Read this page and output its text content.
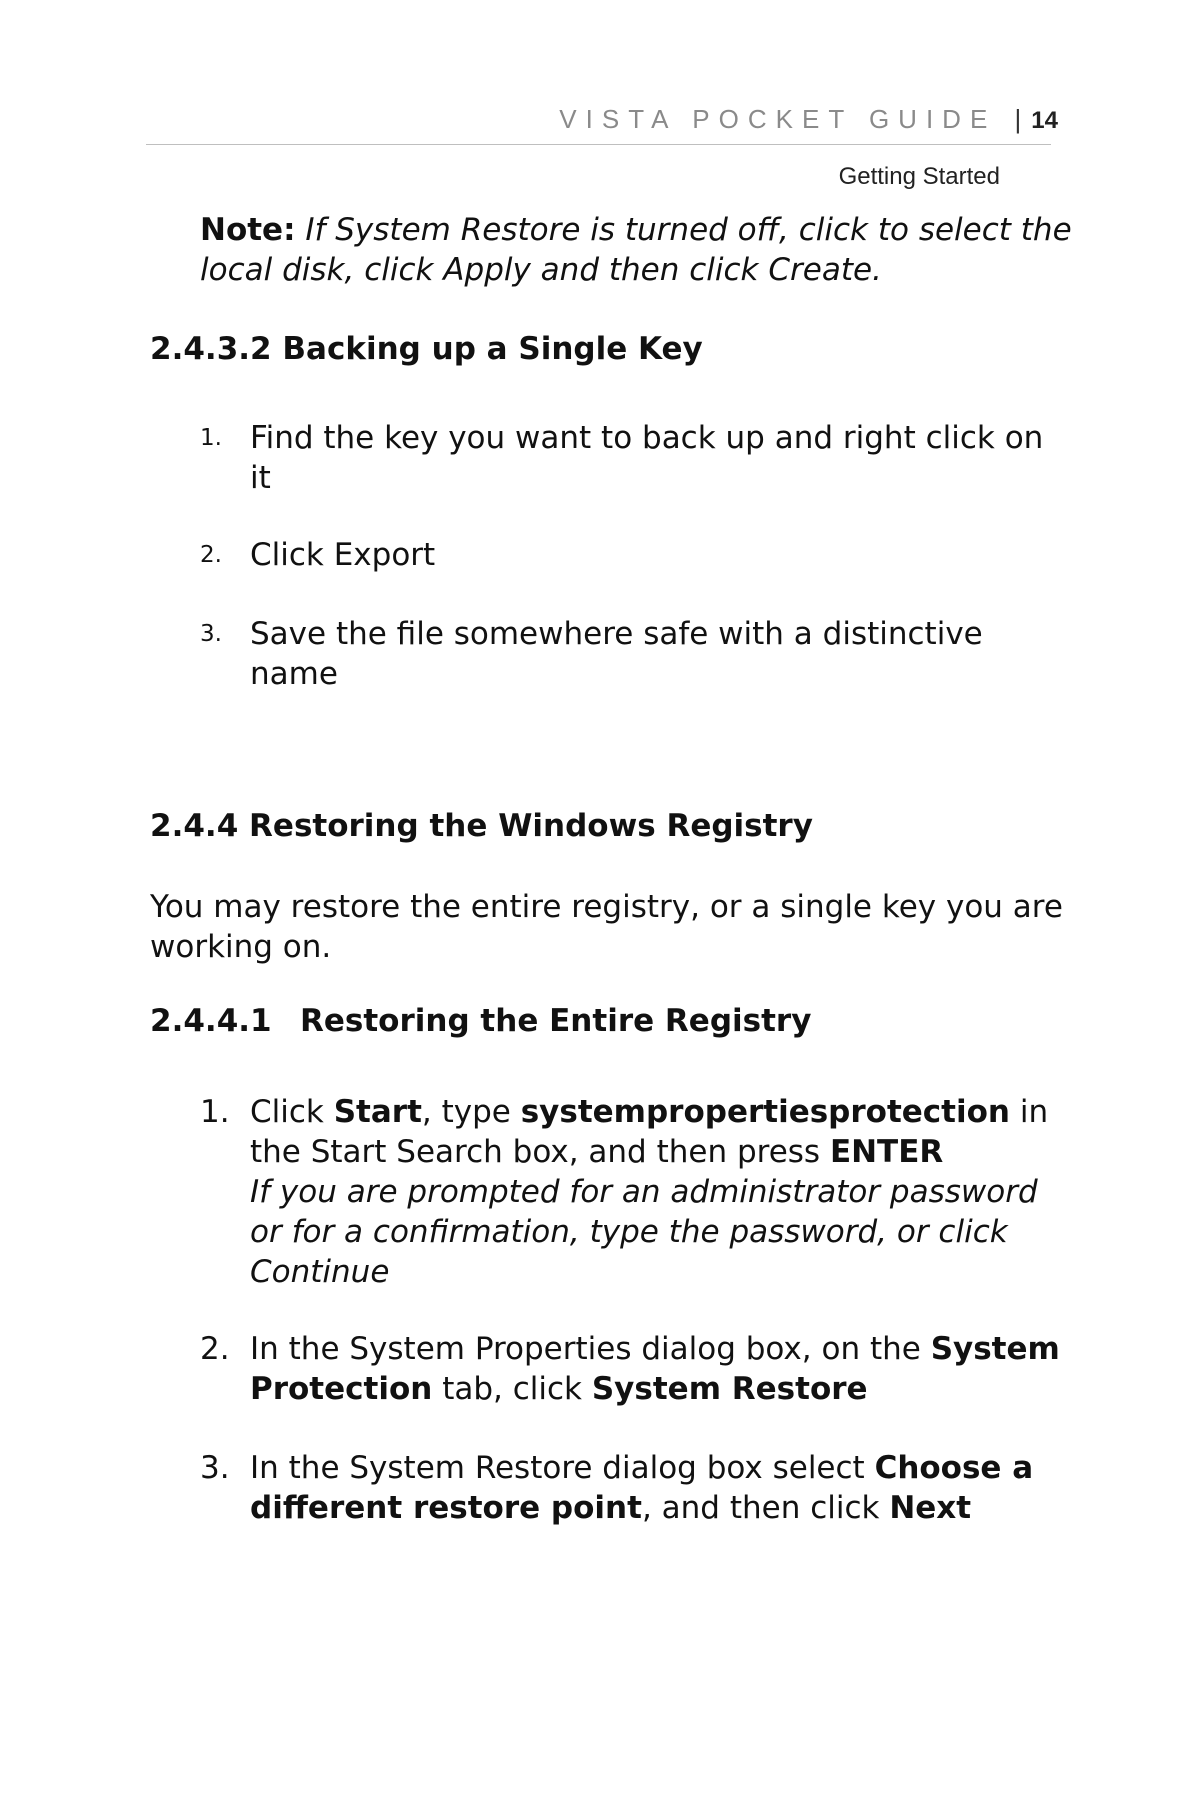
VISTA POCKET GUIDE | 14
Getting Started
Note: If System Restore is turned off, click to select the local disk, click Apply and then click Create.
2.4.3.2 Backing up a Single Key
1. Find the key you want to back up and right click on it
2. Click Export
3. Save the file somewhere safe with a distinctive name
2.4.4 Restoring the Windows Registry
You may restore the entire registry, or a single key you are working on.
2.4.4.1 Restoring the Entire Registry
1. Click Start, type systempropertiesprotection in the Start Search box, and then press ENTER
If you are prompted for an administrator password or for a confirmation, type the password, or click Continue
2. In the System Properties dialog box, on the System Protection tab, click System Restore
3. In the System Restore dialog box select Choose a different restore point, and then click Next
